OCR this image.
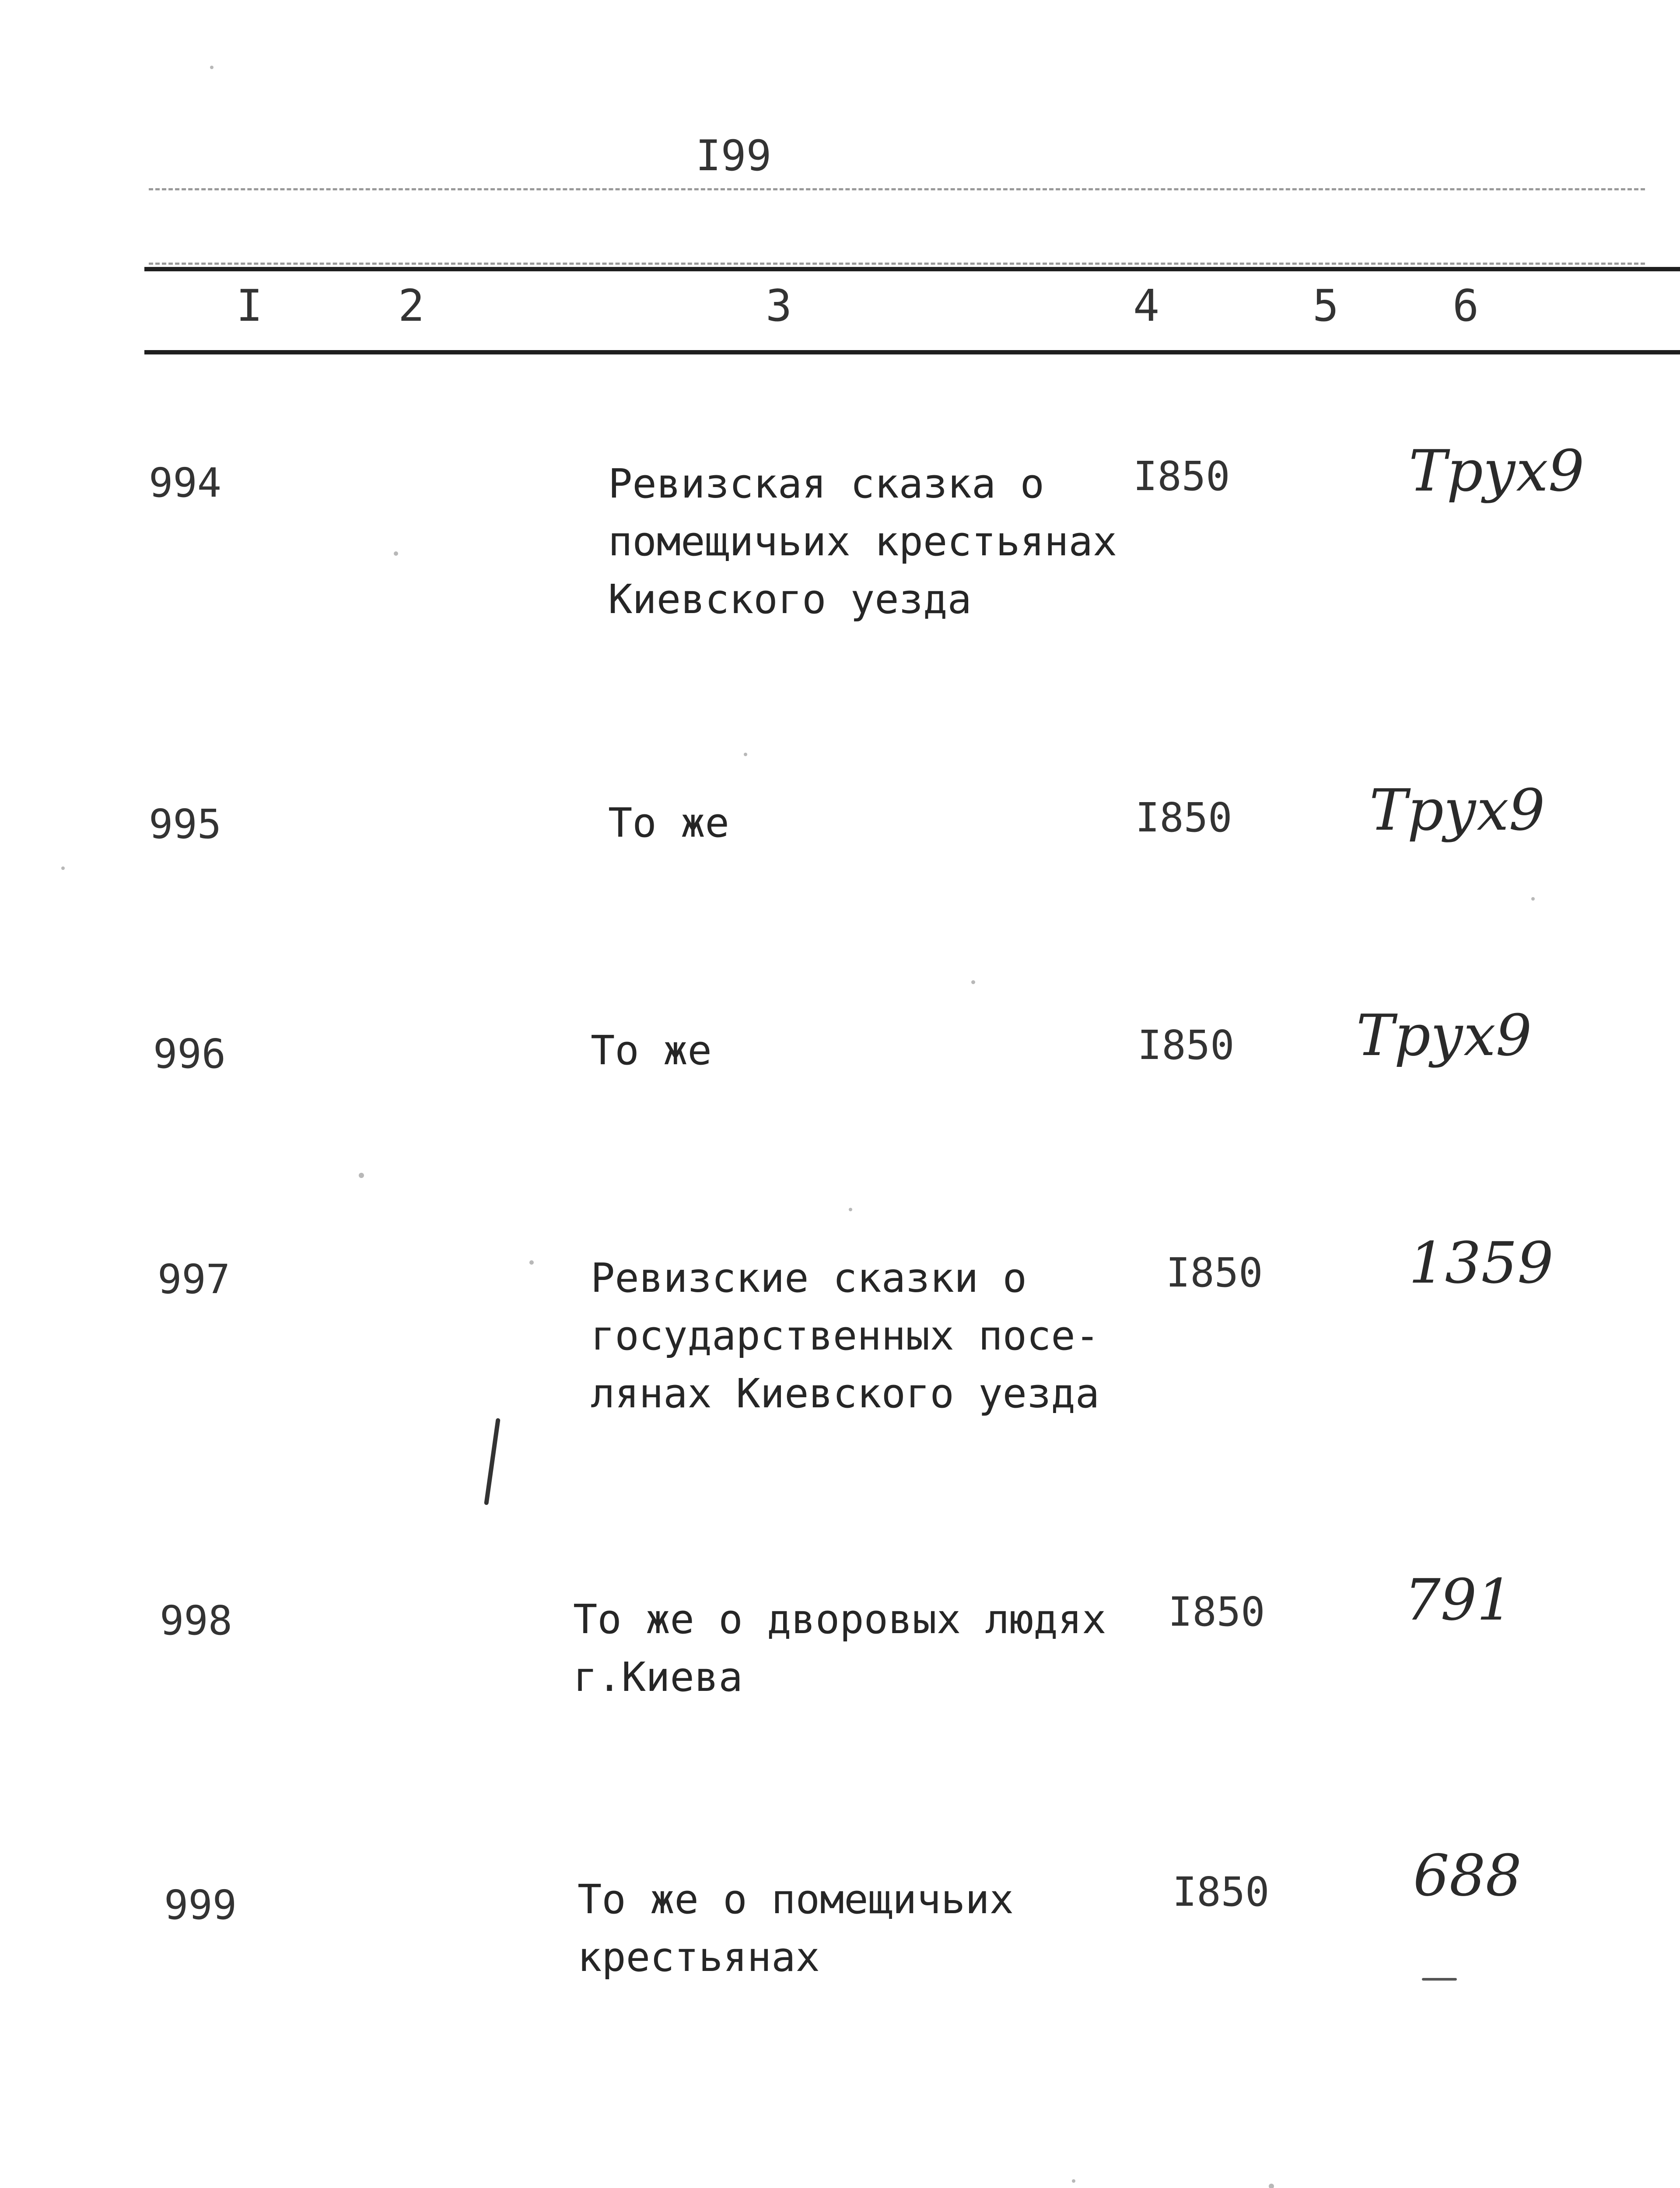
I99
I	2	3	4	5	6
994	Ревизская сказка о
помещичьих крестьянах
Киевского уезда
I850	Трух9
995	То же	I850 Трух9
996	То же	I850 Трух9
997	Ревизские сказки о
государственных посе-
лянах Киевского уезда
I850	1359
998	То же о дворовых людях
г.Киева
I850 791
999	То же о помещичьих
крестьянах
I850	688
